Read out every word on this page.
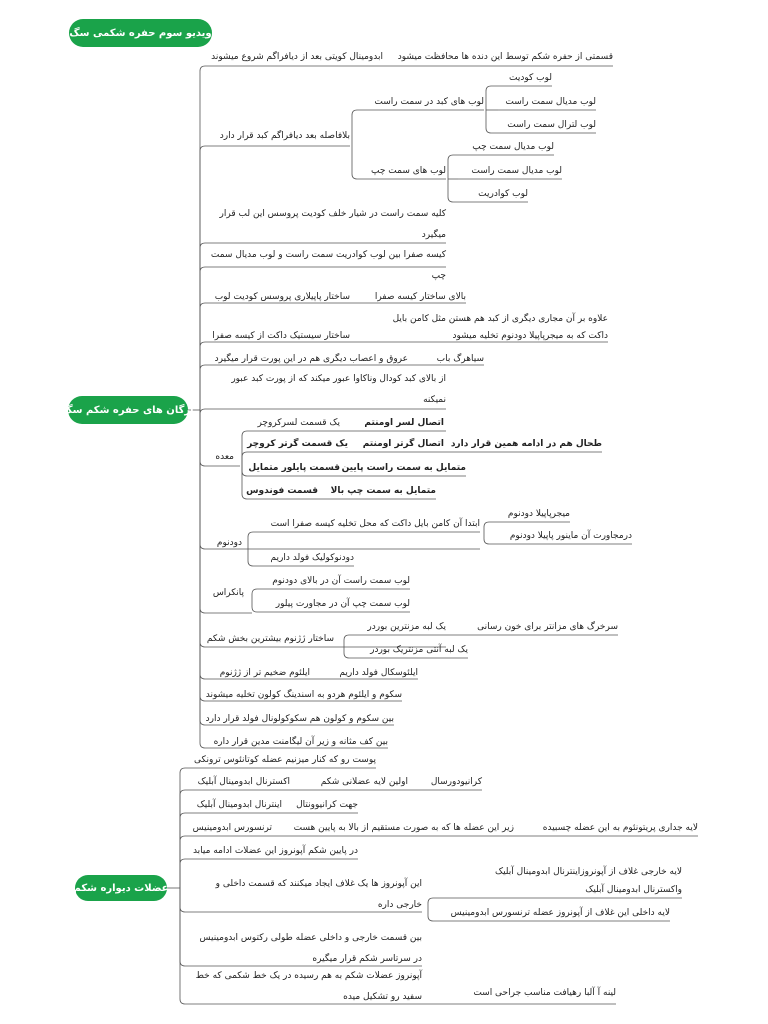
ویدیو سوم حفره شکمی سگ
ارگان های حفره شکم سگ
ابدومینال کویتی بعد از دیافراگم شروع میشوند قسمتی از حفره شکم توسط این دنده ها محافظت میشود
بلافاصله بعد دیافراگم کبد قرار دارد
لوب های کبد در سمت راست
لوب کودیت
لوب مدیال سمت راست
لوب لترال سمت راست
لوب های سمت چپ
لوب مدیال سمت چپ
لوب مدیال سمت راست
لوب کوادریت
کلیه سمت راست در شیار خلف کودیت پروسس این لب قرار میگیرد
کیسه صفرا بین لوب کوادریت سمت راست و لوب مدیال سمت چپ
ساختار پاپیلاری پروسس کودیت لوب	بالای ساختار کیسه صفرا
ساختار سیستیک داکت از کیسه صفرا
علاوه بر آن مجاری دیگری از کبد هم هستن مثل کامن بایل
داکت که به میجرپاپیلا دودنوم تخلیه میشود
عروق و اعصاب دیگری هم در این پورت قرار میگیرد	سیاهرگ باب
از بالای کبد کودال وناکاوا عبور میکند که از پورت کبد عبور نمیکنه
معده
یک قسمت لسرکروچر	اتصال لسر اومنتم
یک قسمت گرتر کروچر اتصال گرتر اومنتم طحال هم در ادامه همین قرار دارد
قسمت پایلور متمایل متمایل به سمت راست پایین
قسمت فوندوس متمایل به سمت چپ بالا
دودنوم
ابتدا آن کامن بایل داکت که محل تخلیه کیسه صفرا است
میجرپاپیلا دودنوم
درمجاورت آن ماینور پاپیلا دودنوم
دودنوکولیک فولد داریم
پانکراس
لوب سمت راست آن در بالای دودنوم
لوب سمت چپ آن در مجاورت پیلور
ساختار ژژنوم بیشترین بخش شکم
یک لبه مزنترین بوردر	سرخرگ های مزانتر برای خون رسانی
یک لبه آنتی مزنتریک بوردر
ایلئوم ضخیم تر از ژژنوم	ایلئوسکال فولد داریم
سکوم و ایلئوم هردو به اسندینگ کولون تخلیه میشوند
بین سکوم و کولون هم سکوکولونال فولد قرار دارد
بین کف مثانه و زیر آن لیگامنت مدین قرار داره
عضلات دیواره شکم
پوست رو که کنار میزنیم عضله کوتانئوس ترونکی
اکسترنال ابدومینال آبلیک	اولین لایه عضلانی شکم	کرانیودورسال
اینترنال ابدومینال آبلیک جهت کرانیوونتال
ترنسورس ابدومینیس زیر این عضله ها که به صورت مستقیم از بالا به پایین هست	لایه جداری پریتونئوم به این عضله چسبیده
در پایین شکم آپونروز این عضلات ادامه میابد
این آپونروز ها یک غلاف ایجاد میکنند که قسمت داخلی و خارجی داره
لایه خارجی غلاف از آپونروزاینترنال ابدومینال آبلیک
واکسترنال ابدومینال آبلیک
لایه داخلی این غلاف از آپونروز عضله ترنسورس ابدومینیس
بین قسمت خارجی و داخلی عضله طولی رکتوس ابدومینیس در سرتاسر شکم قرار میگیره
آپونروز عضلات شکم به هم رسیده در یک خط شکمی که خط سفید رو تشکیل میده	لینه آ آلبا رهیافت مناسب جراحی است
